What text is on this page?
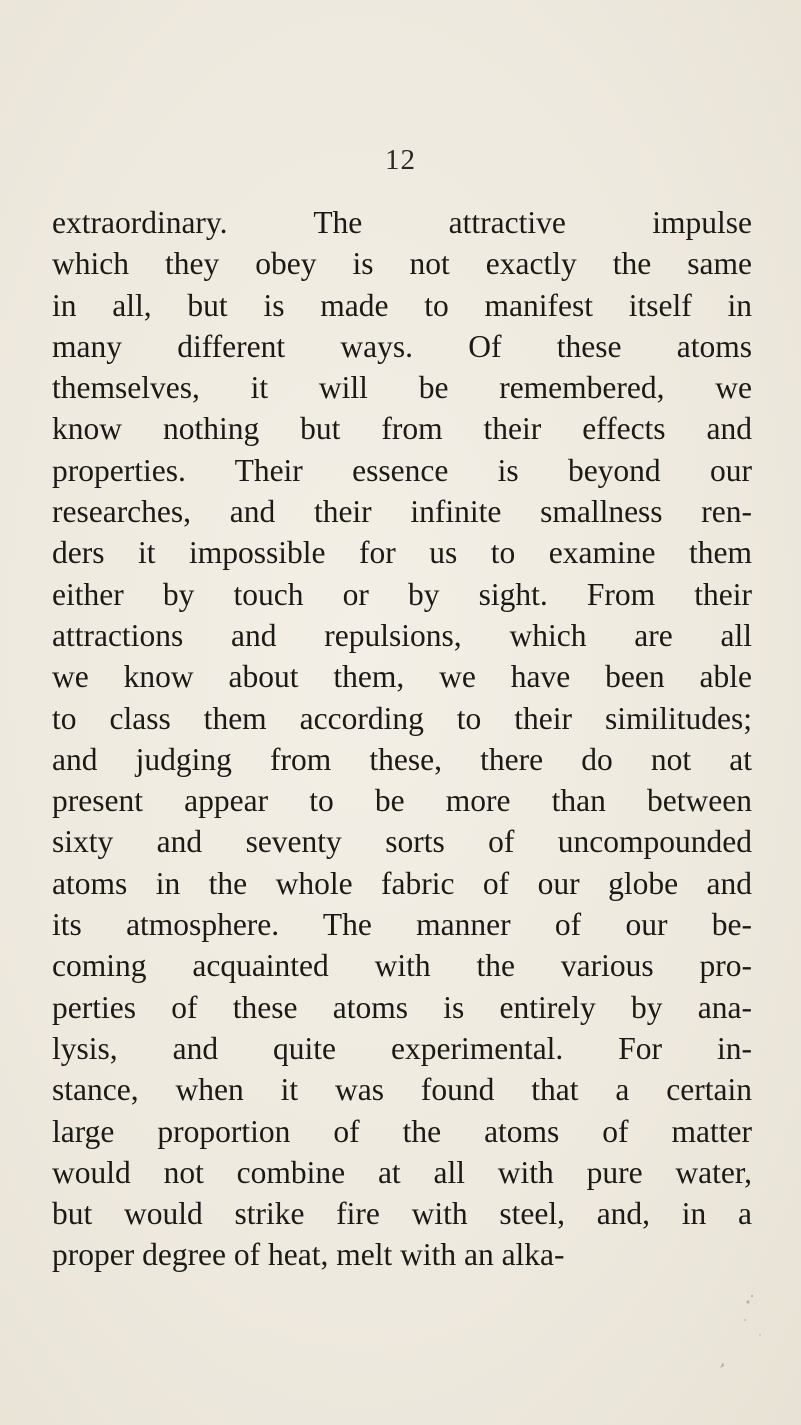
12
extraordinary. The attractive impulse
which they obey is not exactly the same
in all, but is made to manifest itself in
many different ways. Of these atoms
themselves, it will be remembered, we
know nothing but from their effects and
properties. Their essence is beyond our
researches, and their infinite smallness ren-
ders it impossible for us to examine them
either by touch or by sight. From their
attractions and repulsions, which are all
we know about them, we have been able
to class them according to their similitudes;
and judging from these, there do not at
present appear to be more than between
sixty and seventy sorts of uncompounded
atoms in the whole fabric of our globe and
its atmosphere. The manner of our be-
coming acquainted with the various pro-
perties of these atoms is entirely by ana-
lysis, and quite experimental. For in-
stance, when it was found that a certain
large proportion of the atoms of matter
would not combine at all with pure water,
but would strike fire with steel, and, in a
proper degree of heat, melt with an alka-
